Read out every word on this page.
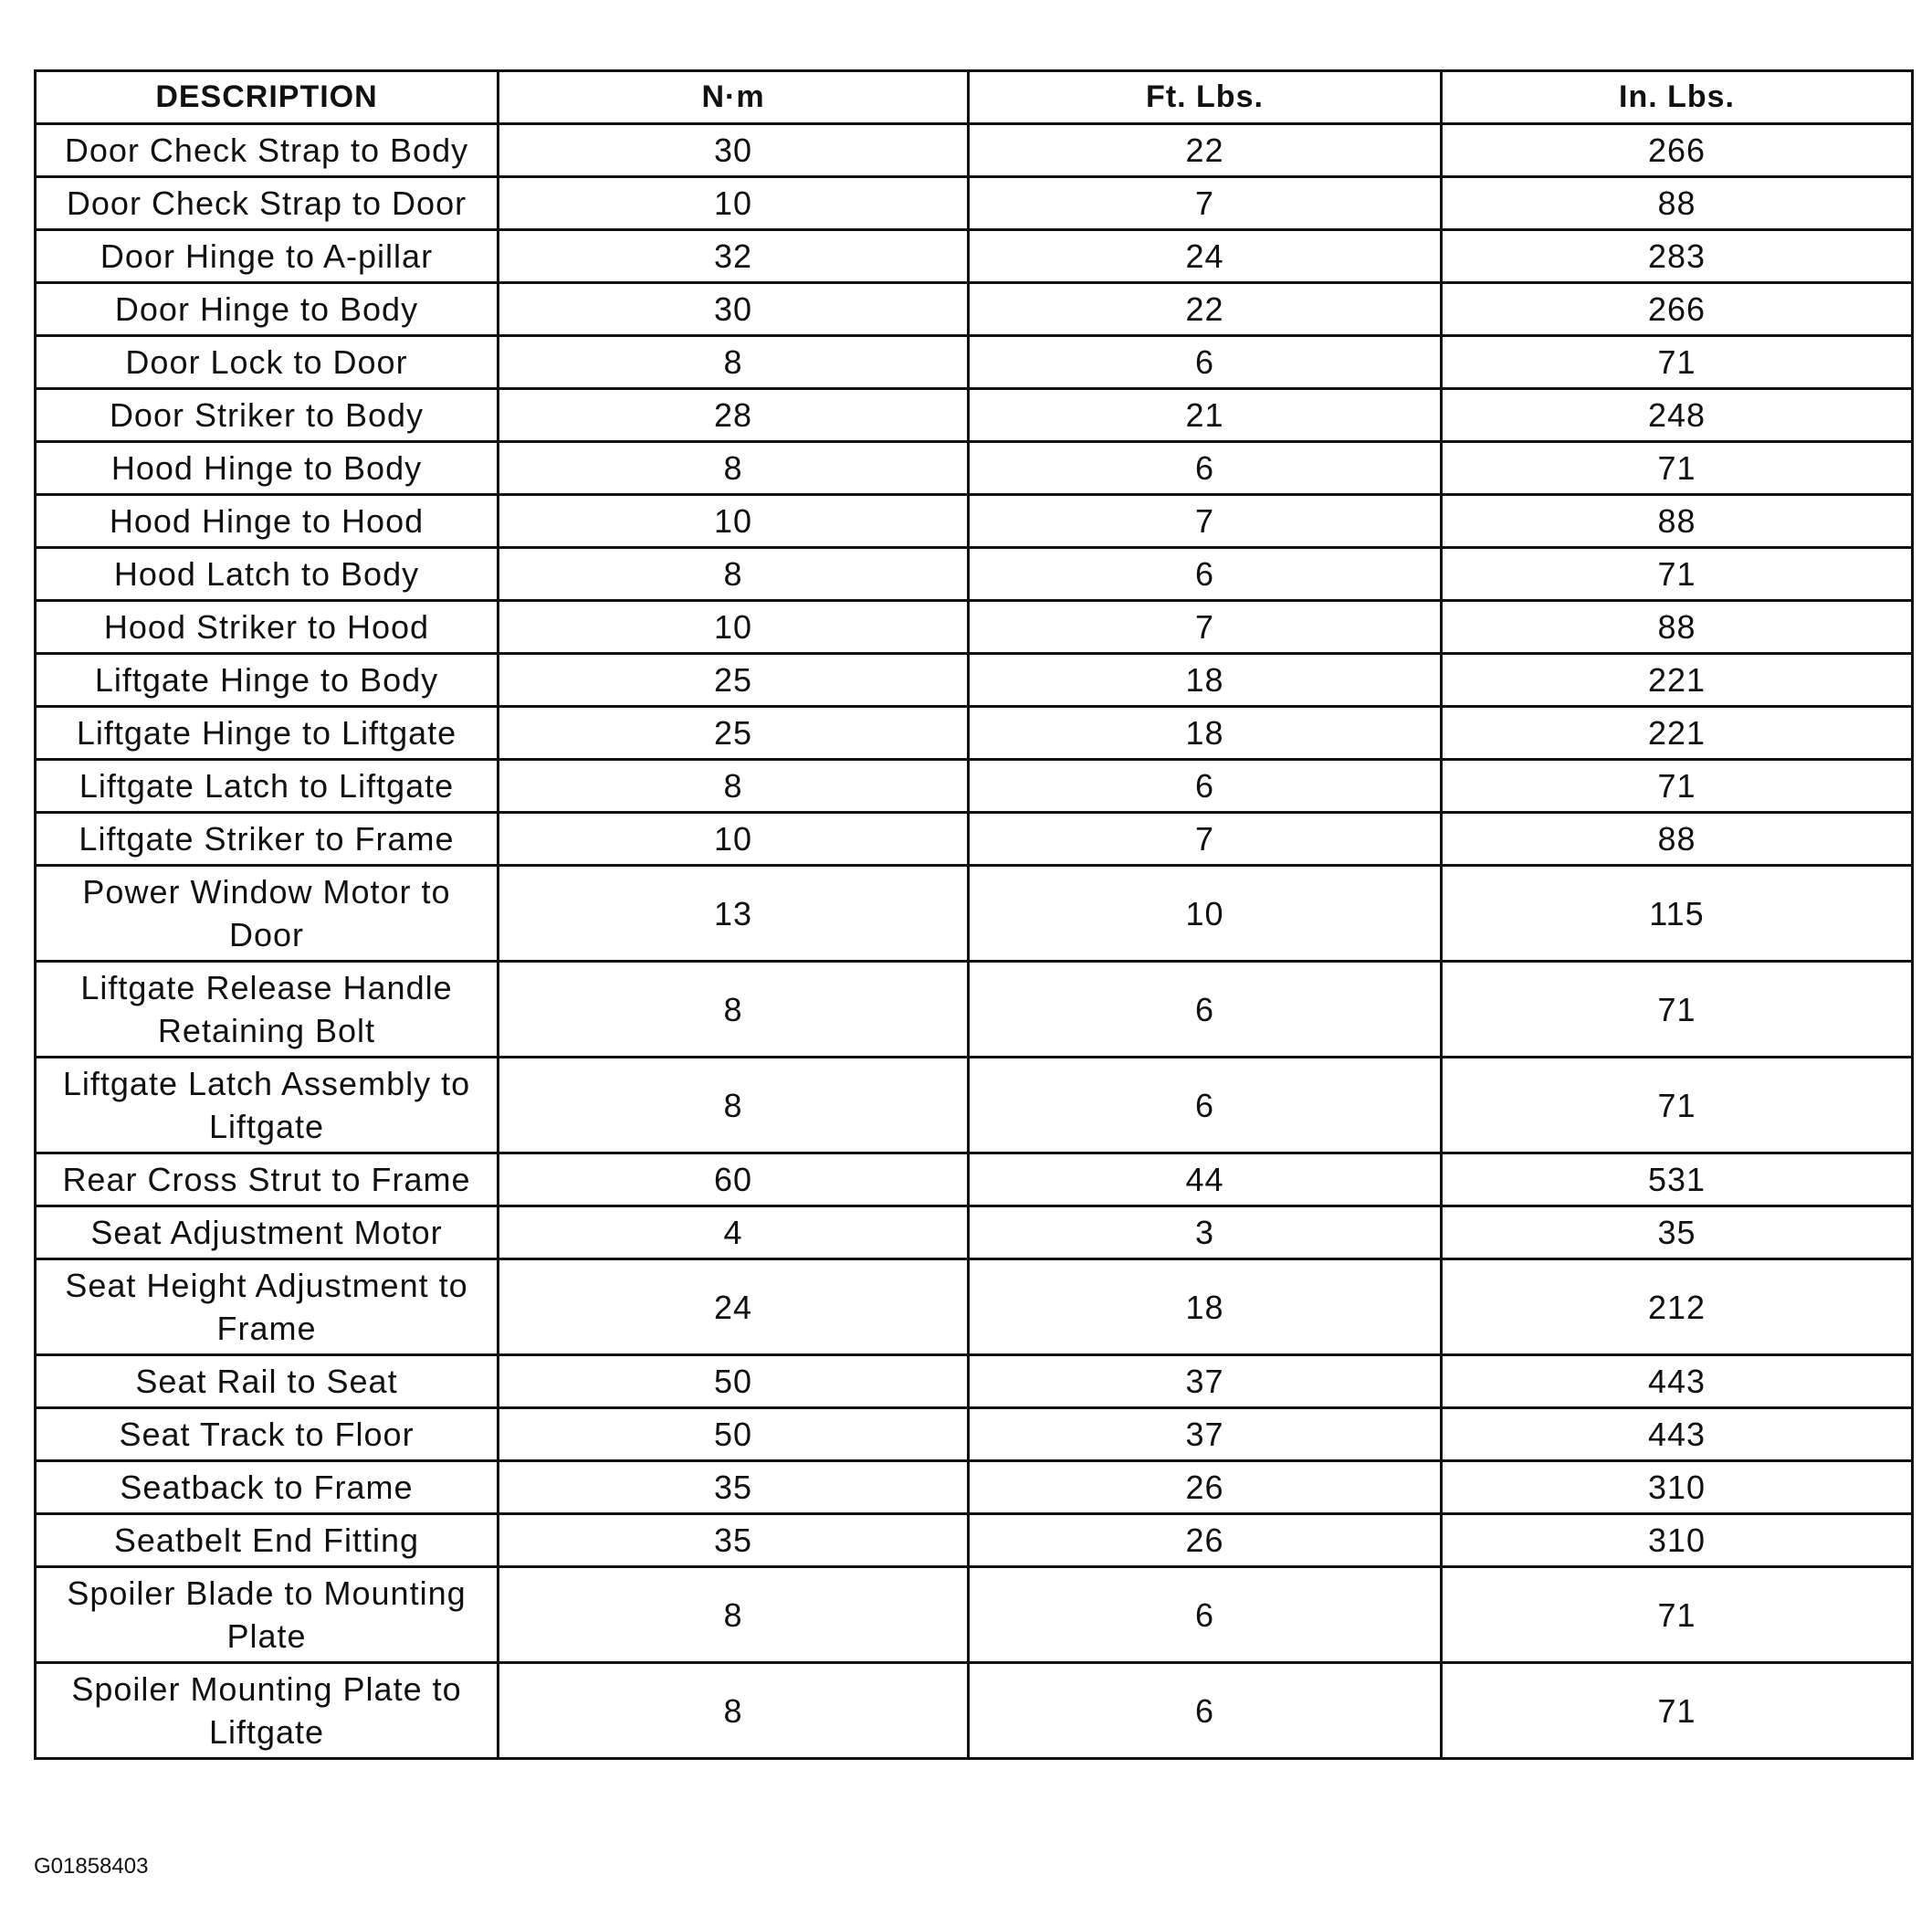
DESCRIPTION	N·m	Ft. Lbs.	In. Lbs.
Door Check Strap to Body	30	22	266
Door Check Strap to Door	10	7	88
Door Hinge to A-pillar	32	24	283
Door Hinge to Body	30	22	266
Door Lock to Door	8	6	71
Door Striker to Body	28	21	248
Hood Hinge to Body	8	6	71
Hood Hinge to Hood	10	7	88
Hood Latch to Body	8	6	71
Hood Striker to Hood	10	7	88
Liftgate Hinge to Body	25	18	221
Liftgate Hinge to Liftgate	25	18	221
Liftgate Latch to Liftgate	8	6	71
Liftgate Striker to Frame	10	7	88
Power Window Motor to Door	13	10	115
Liftgate Release Handle Retaining Bolt	8	6	71
Liftgate Latch Assembly to Liftgate	8	6	71
Rear Cross Strut to Frame	60	44	531
Seat Adjustment Motor	4	3	35
Seat Height Adjustment to Frame	24	18	212
Seat Rail to Seat	50	37	443
Seat Track to Floor	50	37	443
Seatback to Frame	35	26	310
Seatbelt End Fitting	35	26	310
Spoiler Blade to Mounting Plate	8	6	71
Spoiler Mounting Plate to Liftgate	8	6	71
G01858403
